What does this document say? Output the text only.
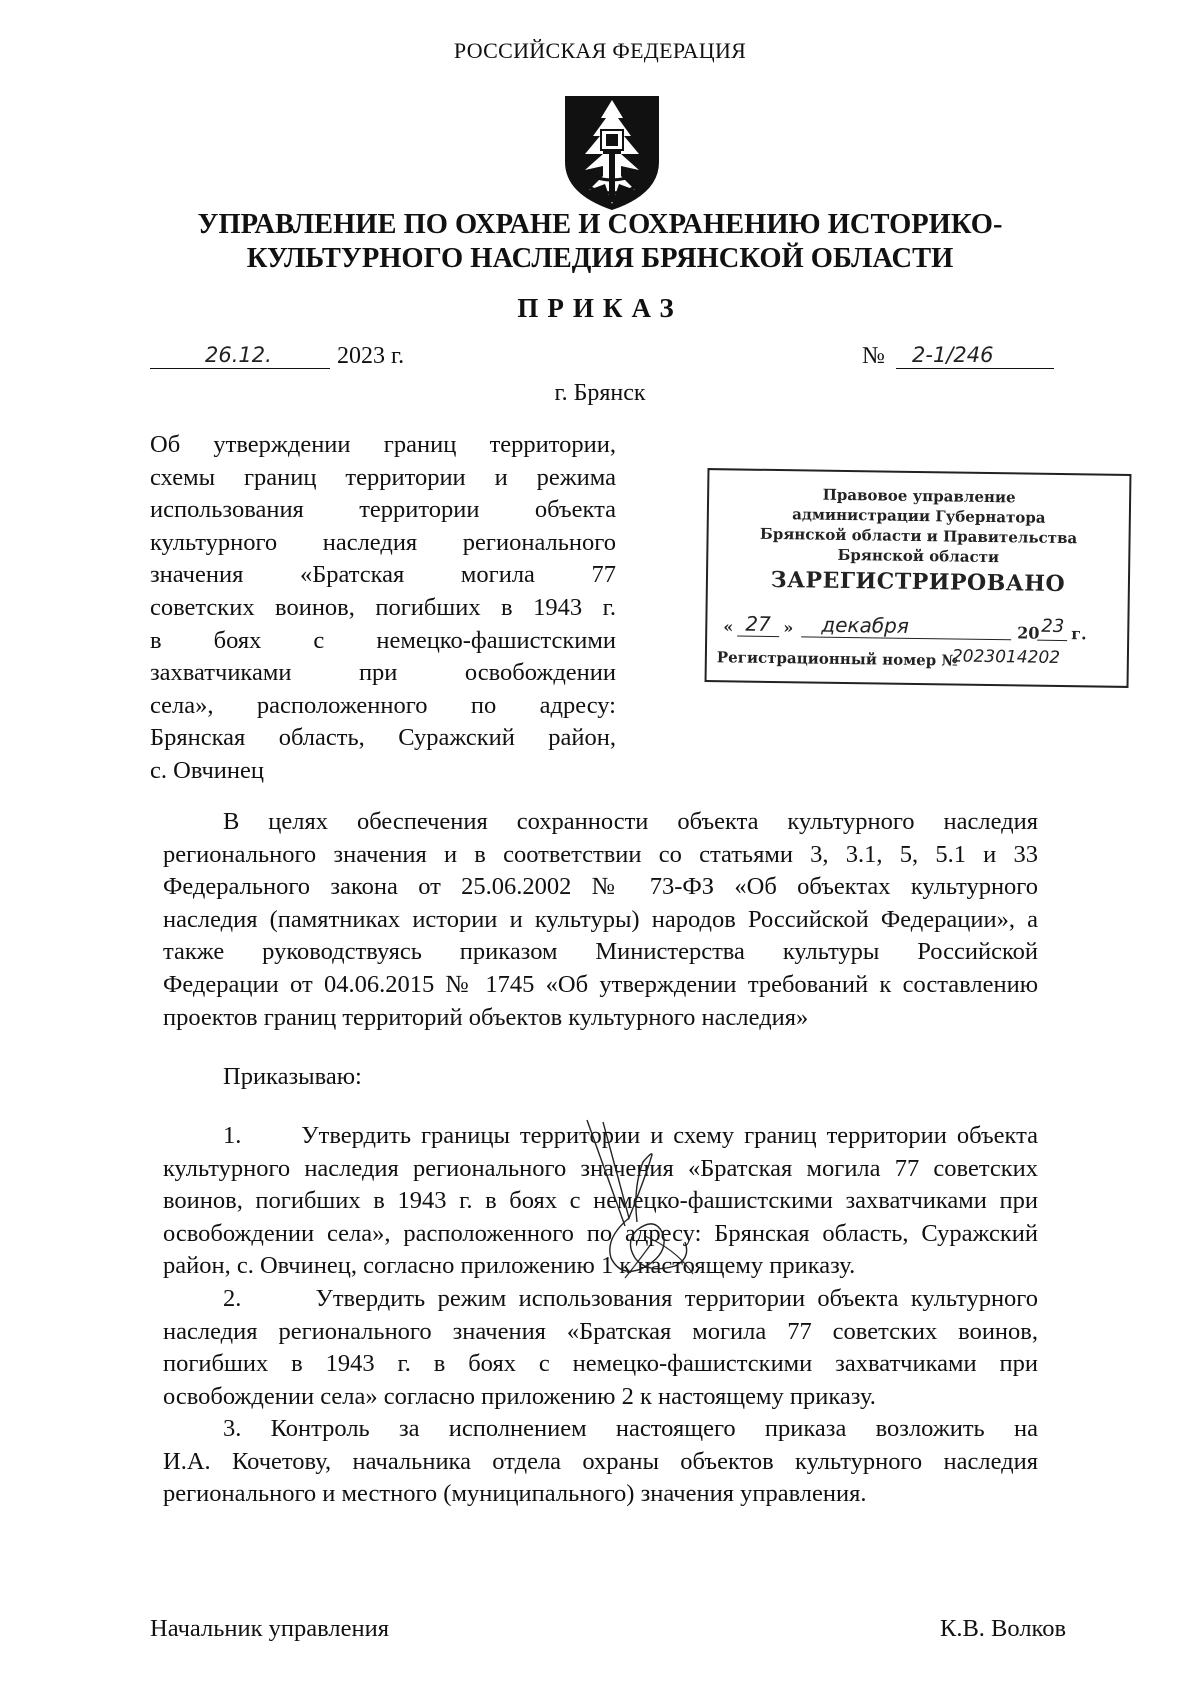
РОССИЙСКАЯ ФЕДЕРАЦИЯ
УПРАВЛЕНИЕ ПО ОХРАНЕ И СОХРАНЕНИЮ ИСТОРИКО-
КУЛЬТУРНОГО НАСЛЕДИЯ БРЯНСКОЙ ОБЛАСТИ
ПРИКАЗ
26.12.	2023 г.	№ 2-1/246
г. Брянск
Об утверждении границ территории,
схемы границ территории и режима
использования территории объекта
культурного наследия регионального
значения «Братская могила 77
советских воинов, погибших в 1943 г.
в боях с немецко-фашистскими
захватчиками при освобождении
села», расположенного по адресу:
Брянская область, Суражский район,
с. Овчинец
Правовое управление
администрации Губернатора
Брянской области и Правительства
Брянской области
ЗАРЕГИСТРИРОВАНО
« 27 » декабря	20 23 г.
Регистрационный номер №
2023014202
В целях обеспечения сохранности объекта культурного наследия
регионального значения и в соответствии со статьями 3, 3.1, 5, 5.1 и 33
Федерального закона от 25.06.2002 № 73-ФЗ «Об объектах культурного
наследия (памятниках истории и культуры) народов Российской Федерации», а
также руководствуясь приказом Министерства культуры Российской
Федерации от 04.06.2015 № 1745 «Об утверждении требований к составлению
проектов границ территорий объектов культурного наследия»
Приказываю:
1.      Утвердить границы территории и схему границ территории объекта
культурного наследия регионального значения «Братская могила 77 советских
воинов, погибших в 1943 г. в боях с немецко-фашистскими захватчиками при
освобождении села», расположенного по адресу: Брянская область, Суражский
район, с. Овчинец, согласно приложению 1 к настоящему приказу.
2.      Утвердить режим использования территории объекта культурного
наследия регионального значения «Братская могила 77 советских воинов,
погибших в 1943 г. в боях с немецко-фашистскими захватчиками при
освобождении села» согласно приложению 2 к настоящему приказу.
3. Контроль за исполнением настоящего приказа возложить на
И.А. Кочетову, начальника отдела охраны объектов культурного наследия
регионального и местного (муниципального) значения управления.
Начальник управления	К.В. Волков
